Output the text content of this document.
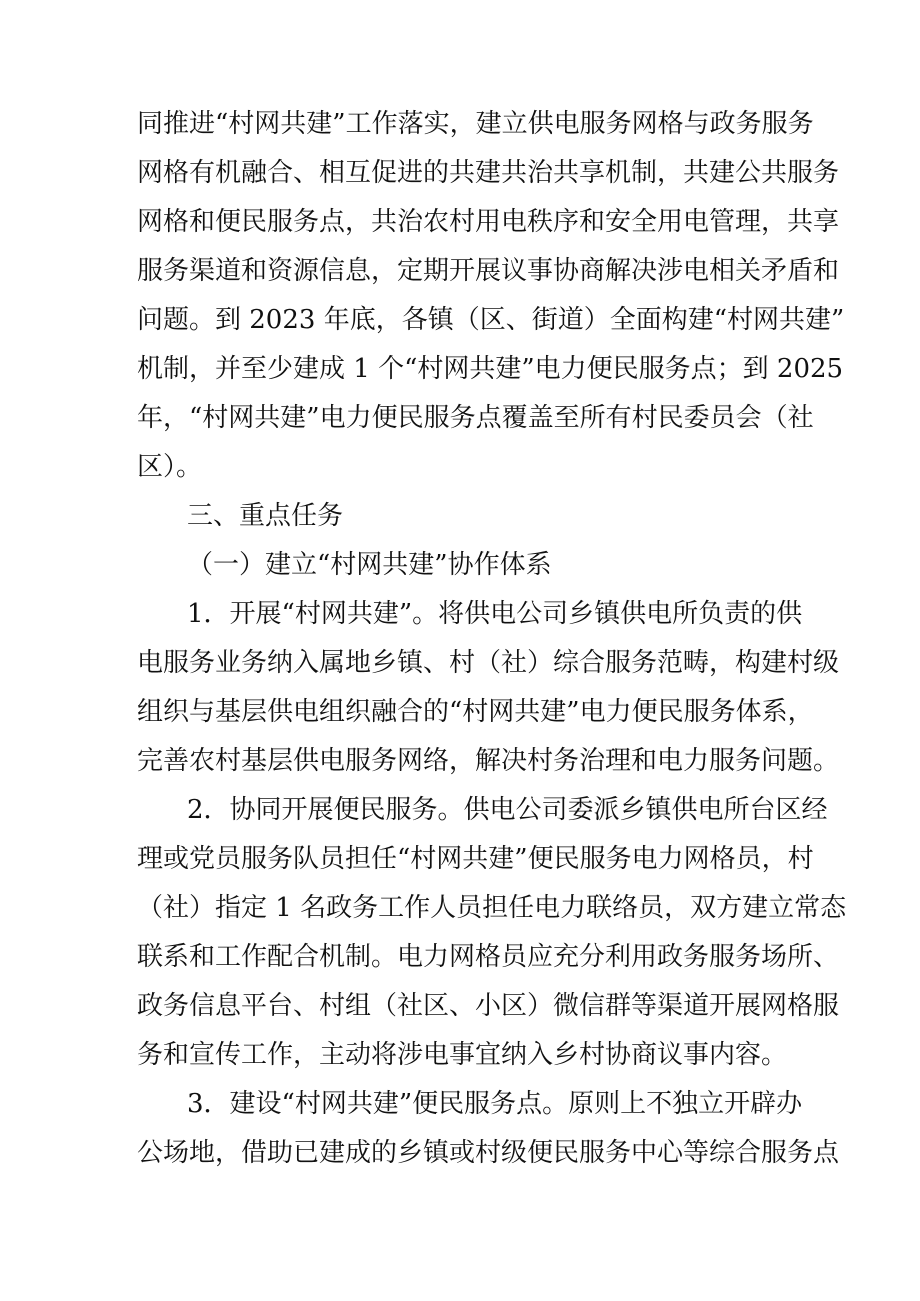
同推进“村网共建”工作落实，建立供电服务网格与政务服务
网格有机融合、相互促进的共建共治共享机制，共建公共服务
网格和便民服务点，共治农村用电秩序和安全用电管理，共享
服务渠道和资源信息，定期开展议事协商解决涉电相关矛盾和
问题。到 2023 年底，各镇（区、街道）全面构建“村网共建”
机制，并至少建成 1 个“村网共建”电力便民服务点；到 2025
年，“村网共建”电力便民服务点覆盖至所有村民委员会（社
区）。
三、重点任务
（一）建立“村网共建”协作体系
1．开展“村网共建”。将供电公司乡镇供电所负责的供
电服务业务纳入属地乡镇、村（社）综合服务范畴，构建村级
组织与基层供电组织融合的“村网共建”电力便民服务体系，
完善农村基层供电服务网络，解决村务治理和电力服务问题。
2．协同开展便民服务。供电公司委派乡镇供电所台区经
理或党员服务队员担任“村网共建”便民服务电力网格员，村
（社）指定 1 名政务工作人员担任电力联络员，双方建立常态
联系和工作配合机制。电力网格员应充分利用政务服务场所、
政务信息平台、村组（社区、小区）微信群等渠道开展网格服
务和宣传工作，主动将涉电事宜纳入乡村协商议事内容。
3．建设“村网共建”便民服务点。原则上不独立开辟办
公场地，借助已建成的乡镇或村级便民服务中心等综合服务点
